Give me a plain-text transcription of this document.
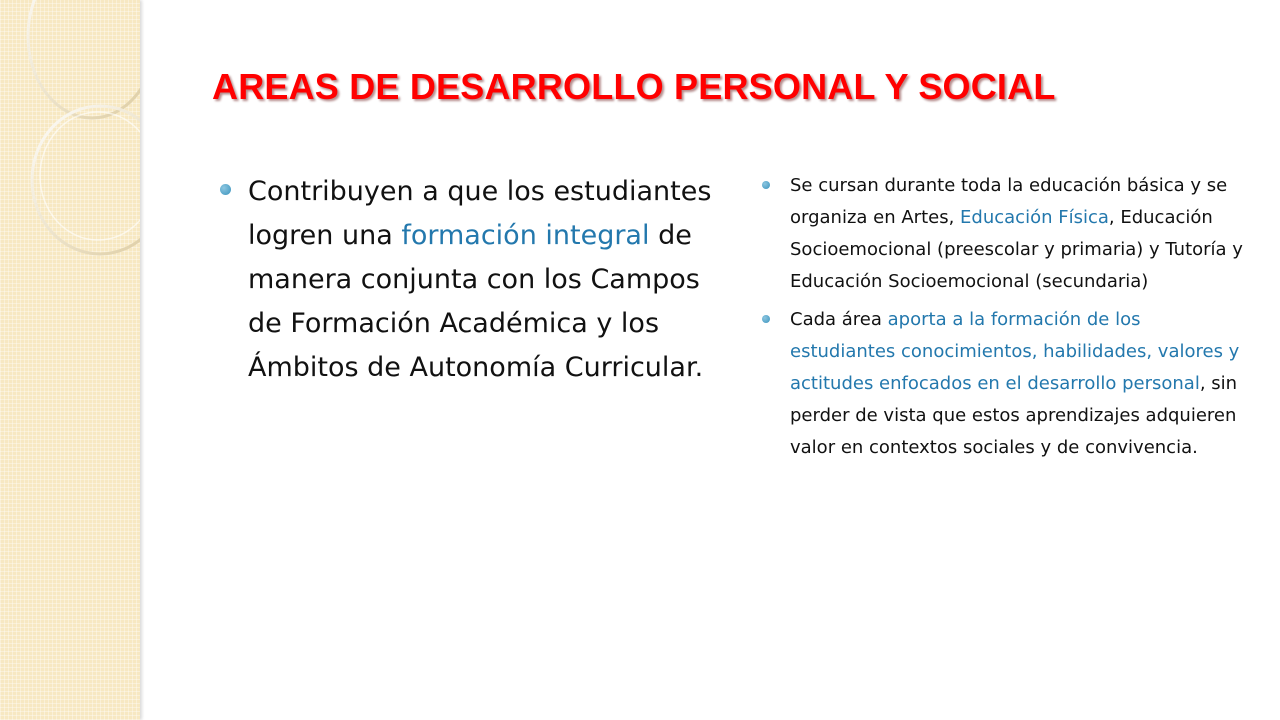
AREAS DE DESARROLLO PERSONAL Y SOCIAL
Contribuyen a que los estudiantes logren una formación integral de manera conjunta con los Campos de Formación Académica y los Ámbitos de Autonomía Curricular.
Se cursan durante toda la educación básica y se organiza en Artes, Educación Física, Educación Socioemocional (preescolar y primaria) y Tutoría y Educación Socioemocional (secundaria)
Cada área aporta a la formación de los estudiantes conocimientos, habilidades, valores y actitudes enfocados en el desarrollo personal, sin perder de vista que estos aprendizajes adquieren valor en contextos sociales y de convivencia.
